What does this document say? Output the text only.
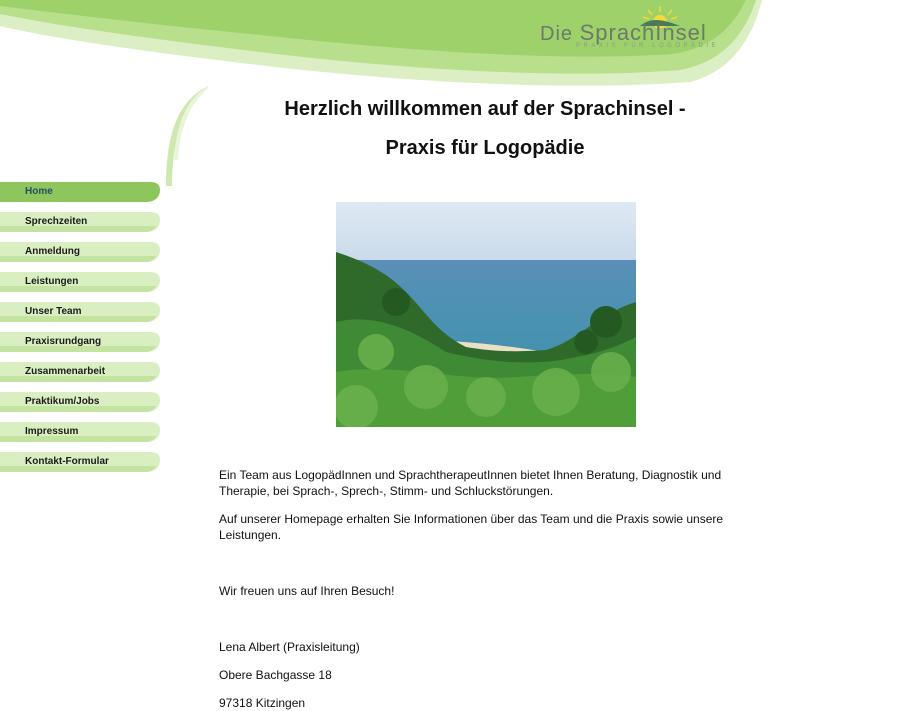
Die SprachInsel
PRAXIS FÜR LOGOPÄDIE
Home
Sprechzeiten
Anmeldung
Leistungen
Unser Team
Praxisrundgang
Zusammenarbeit
Praktikum/Jobs
Impressum
Kontakt-Formular
Herzlich willkommen auf der Sprachinsel -
Praxis für Logopädie

Ein Team aus LogopädInnen und SprachtherapeutInnen bietet Ihnen Beratung, Diagnostik und Therapie, bei Sprach-, Sprech-, Stimm- und Schluckstörungen.

Auf unserer Homepage erhalten Sie Informationen über das Team und die Praxis sowie unsere Leistungen.

Wir freuen uns auf Ihren Besuch!

Lena Albert (Praxisleitung)

Obere Bachgasse 18

97318 Kitzingen
